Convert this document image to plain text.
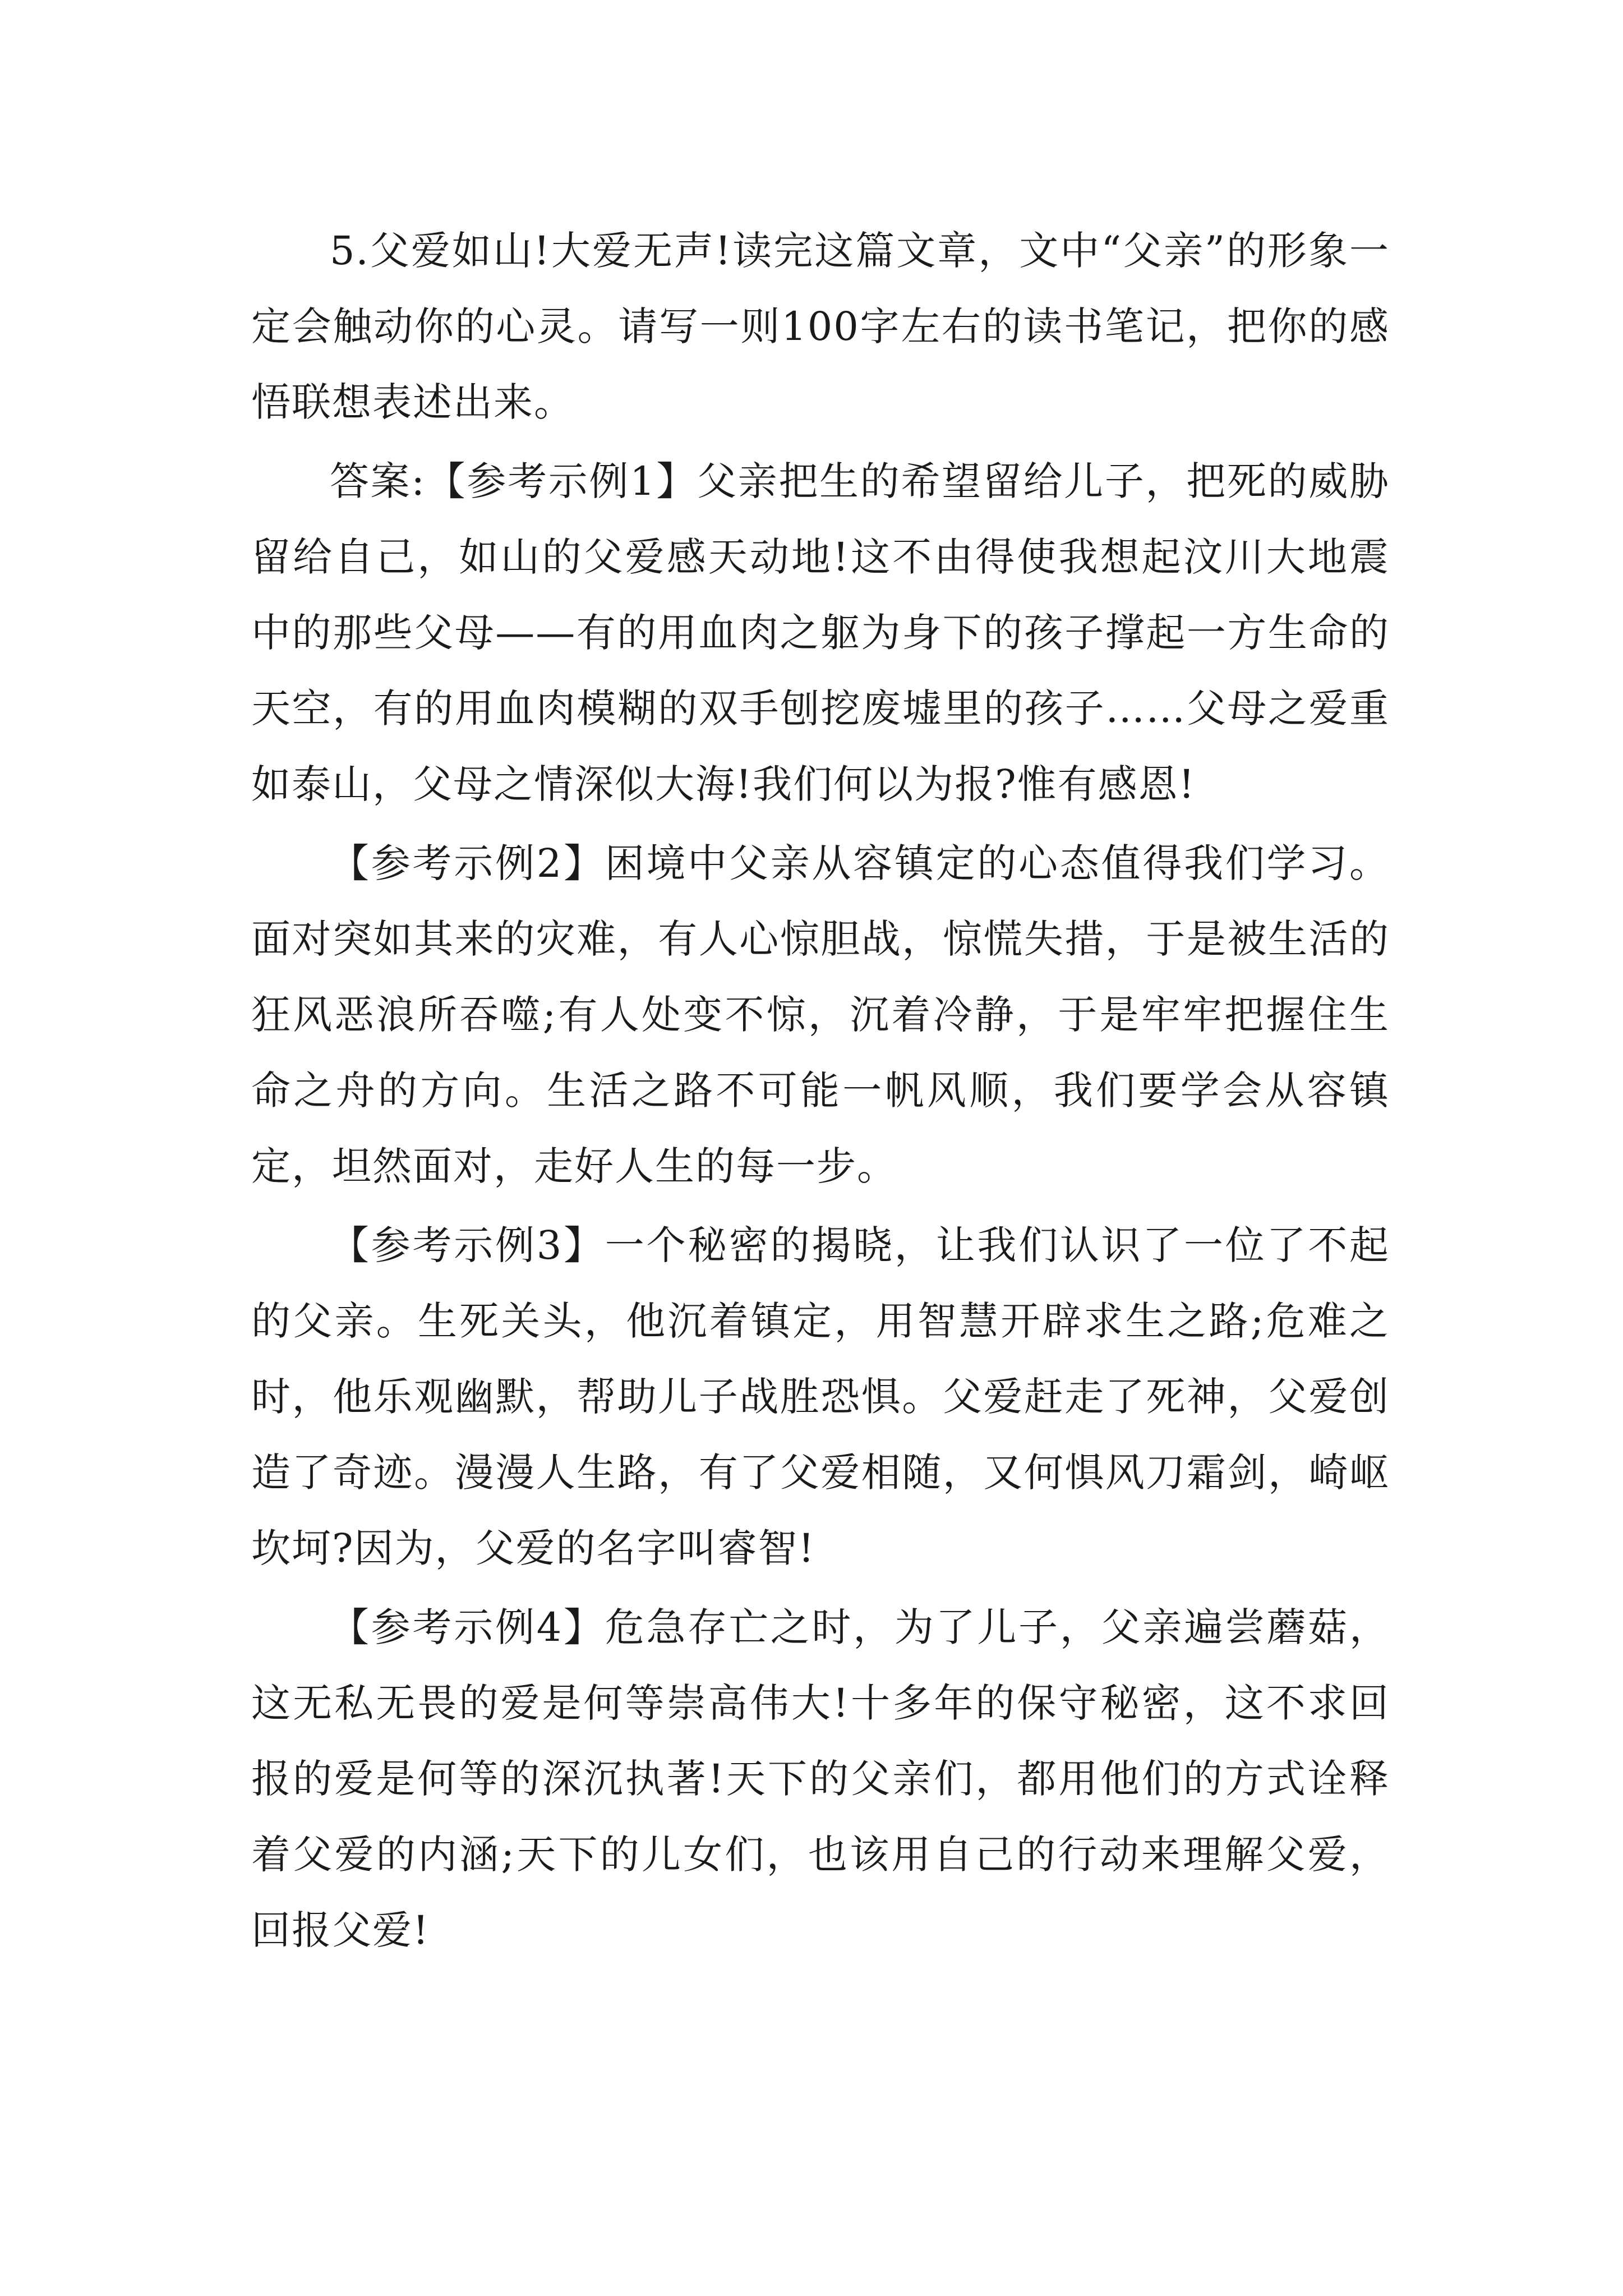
5.父爱如山!大爱无声!读完这篇文章，文中“父亲”的形象一定会触动你的心灵。请写一则100字左右的读书笔记，把你的感悟联想表述出来。

答案:【参考示例1】父亲把生的希望留给儿子，把死的威胁留给自己，如山的父爱感天动地!这不由得使我想起汶川大地震中的那些父母——有的用血肉之躯为身下的孩子撑起一方生命的天空，有的用血肉模糊的双手刨挖废墟里的孩子……父母之爱重如泰山，父母之情深似大海!我们何以为报?惟有感恩!

【参考示例2】困境中父亲从容镇定的心态值得我们学习。面对突如其来的灾难，有人心惊胆战，惊慌失措，于是被生活的狂风恶浪所吞噬;有人处变不惊，沉着冷静，于是牢牢把握住生命之舟的方向。生活之路不可能一帆风顺，我们要学会从容镇定，坦然面对，走好人生的每一步。

【参考示例3】一个秘密的揭晓，让我们认识了一位了不起的父亲。生死关头，他沉着镇定，用智慧开辟求生之路;危难之时，他乐观幽默，帮助儿子战胜恐惧。父爱赶走了死神，父爱创造了奇迹。漫漫人生路，有了父爱相随，又何惧风刀霜剑，崎岖坎坷?因为，父爱的名字叫睿智!

【参考示例4】危急存亡之时，为了儿子，父亲遍尝蘑菇，这无私无畏的爱是何等崇高伟大!十多年的保守秘密，这不求回报的爱是何等的深沉执著!天下的父亲们，都用他们的方式诠释着父爱的内涵;天下的儿女们，也该用自己的行动来理解父爱，回报父爱!
